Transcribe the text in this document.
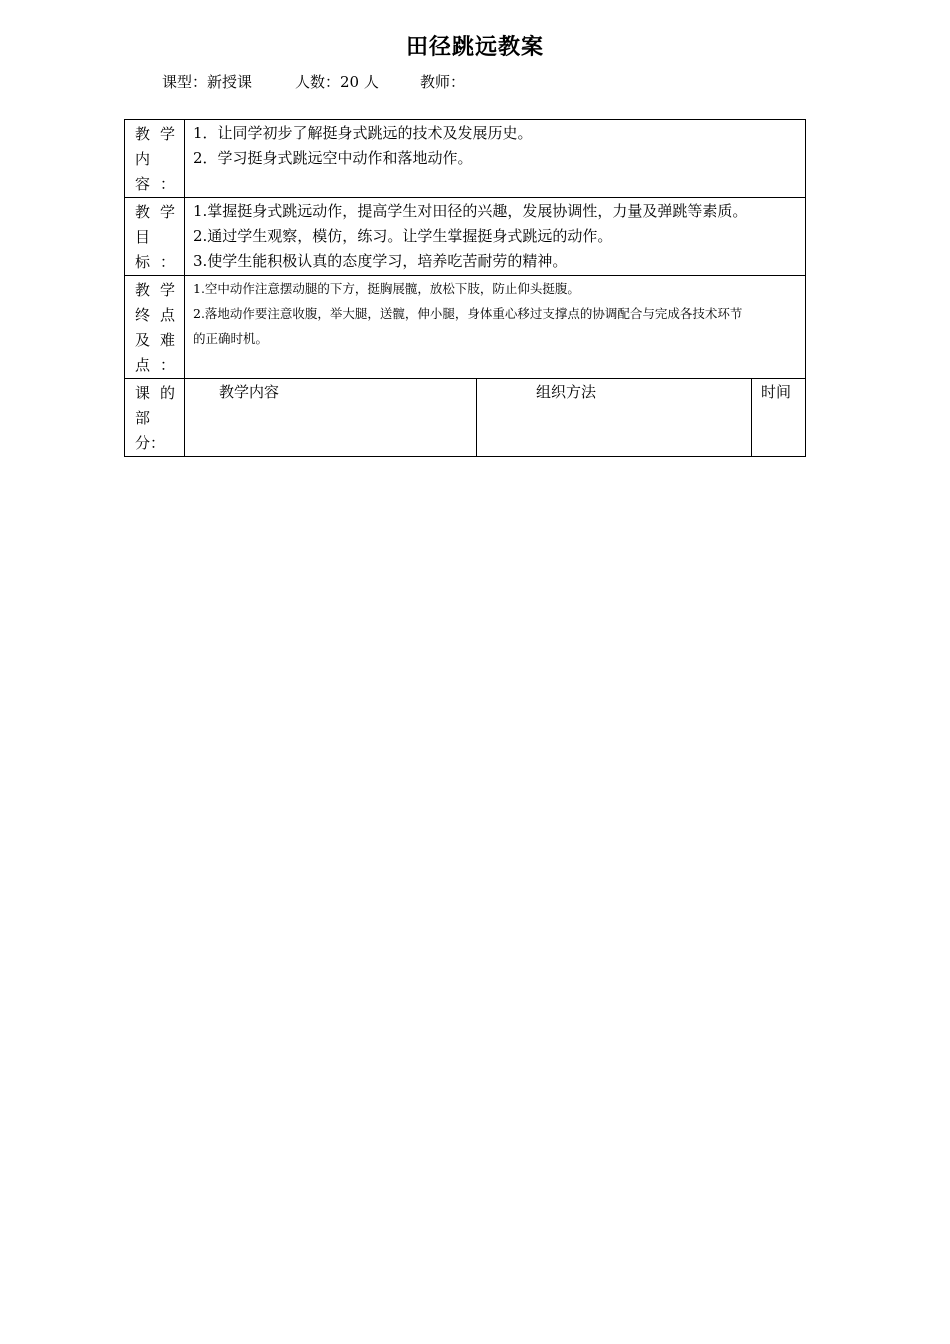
田径跳远教案
课型：新授课	人数：20 人	教师：
教学内容：	1．让同学初步了解挺身式跳远的技术及发展历史。
2．学习挺身式跳远空中动作和落地动作。		

教学目标：	1.掌握挺身式跳远动作，提高学生对田径的兴趣，发展协调性，力量及弹跳等素质。
2.通过学生观察，模仿，练习。让学生掌握挺身式跳远的动作。
3.使学生能积极认真的态度学习，培养吃苦耐劳的精神。		

教学终点及难点：	1.空中动作注意摆动腿的下方，挺胸展髋，放松下肢，防止仰头挺腹。
2.落地动作要注意收腹，举大腿，送髋，伸小腿，身体重心移过支撑点的协调配合与完成各技术环节
的正确时机。		

课的部分：	教学内容	组织方法	时间
